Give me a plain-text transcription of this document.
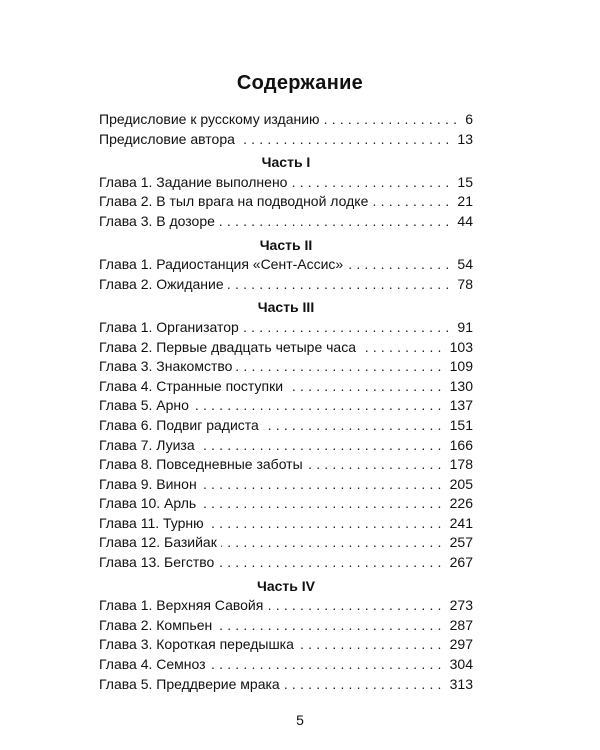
Содержание
Предисловие к русскому изданию .....	6
Предисловие автора .....	13
Часть I
Глава 1. Задание выполнено .....	15
Глава 2. В тыл врага на подводной лодке .....	21
Глава 3. В дозоре .....	44
Часть II
Глава 1. Радиостанция «Сент-Ассис» .....	54
Глава 2. Ожидание .....	78
Часть III
Глава 1. Организатор .....	91
Глава 2. Первые двадцать четыре часа .....	103
Глава 3. Знакомство .....	109
Глава 4. Странные поступки .....	130
Глава 5. Арно .....	137
Глава 6. Подвиг радиста .....	151
Глава 7. Луиза .....	166
Глава 8. Повседневные заботы .....	178
Глава 9. Винон .....	205
Глава 10. Арль .....	226
Глава 11. Турню .....	241
Глава 12. Базийак .....	257
Глава 13. Бегство .....	267
Часть IV
Глава 1. Верхняя Савойя .....	273
Глава 2. Компьен .....	287
Глава 3. Короткая передышка .....	297
Глава 4. Семноз .....	304
Глава 5. Преддверие мрака .....	313
5
